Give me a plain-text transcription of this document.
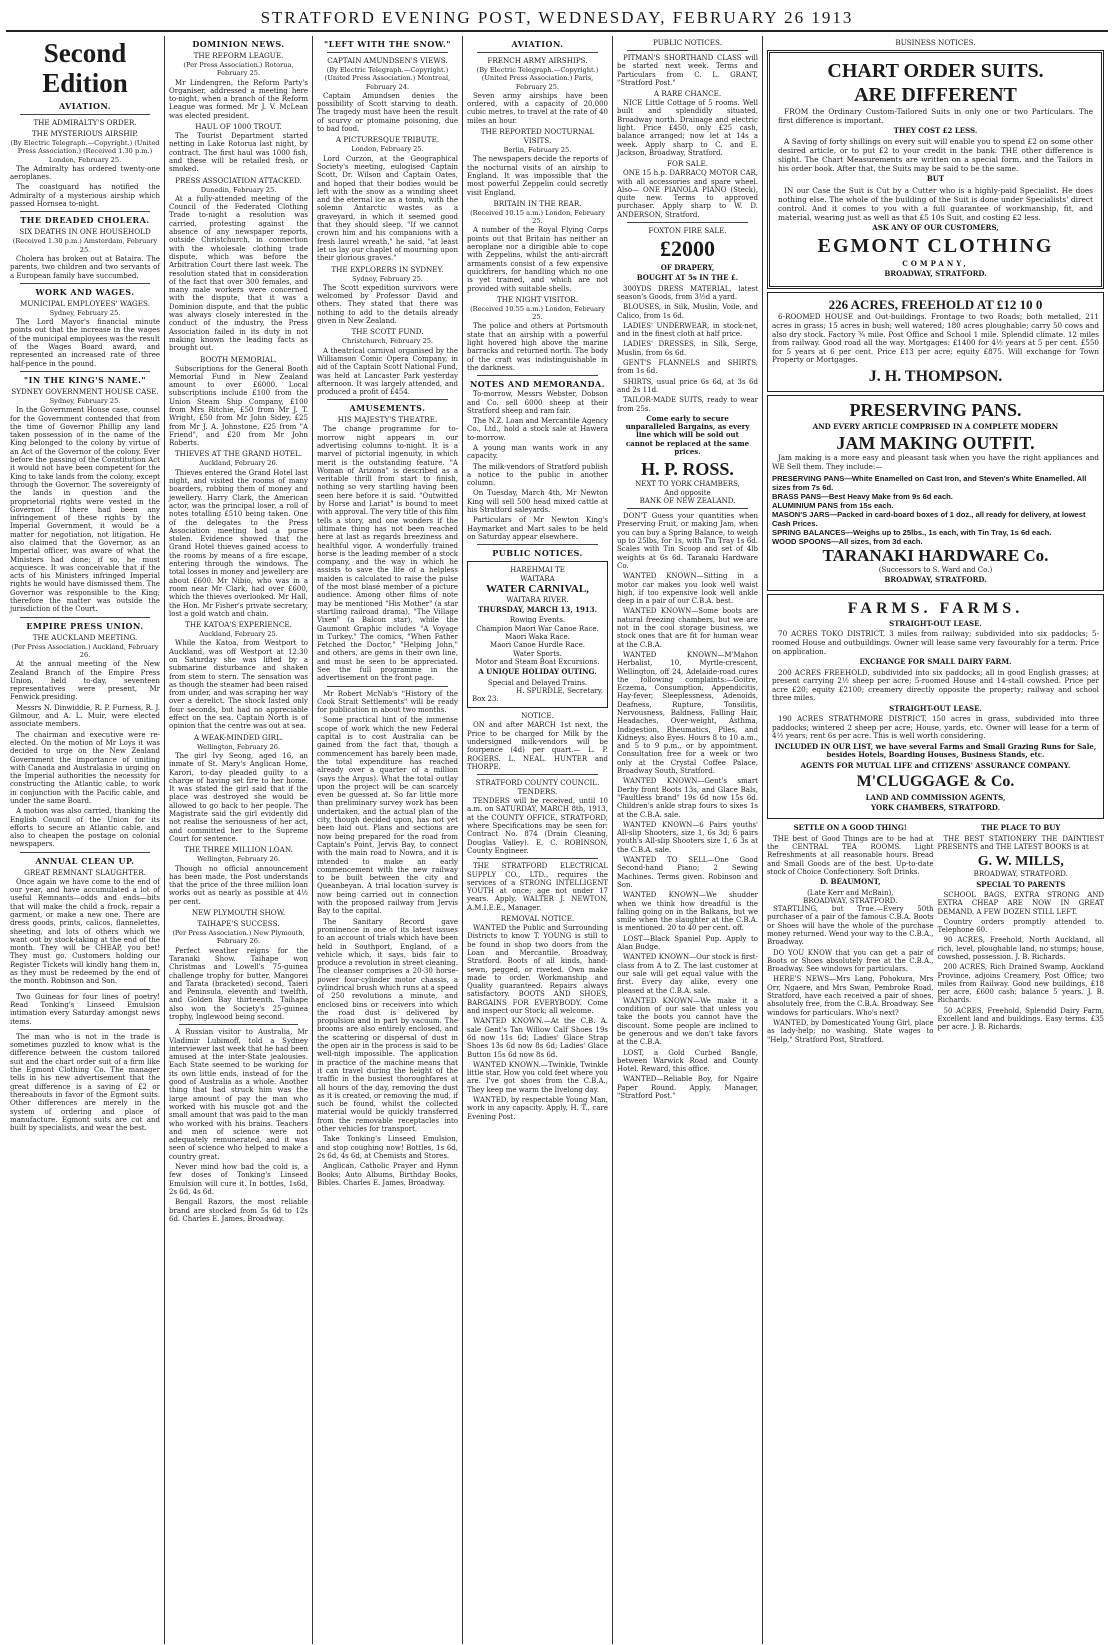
STRATFORD EVENING POST, WEDNESDAY, FEBRUARY 26 1913
Second Edition
AVIATION.
THE ADMIRALTY'S ORDER.
THE MYSTERIOUS AIRSHIP.
(By Electric Telegraph.—Copyright.) (United Press Association.) (Received 1.30 p.m.) London, February 25.

The Admiralty has ordered twenty-one aeroplanes.

The coastguard has notified the Admiralty of a mysterious airship which passed Hornsea to-night.

THE DREADED CHOLERA.
SIX DEATHS IN ONE HOUSEHOLD
(Received 1.30 p.m.) Amsterdam, February 25.

Cholera has broken out at Bataira. The parents, two children and two servants of a European family have succumbed.

WORK AND WAGES.
MUNICIPAL EMPLOYEES' WAGES.
Sydney, February 25.

The Lord Mayor's financial minute points out that the increase in the wages of the municipal employees was the result of the Wages Board award, and represented an increased rate of three half-pence in the pound.

"IN THE KING'S NAME."
SYDNEY GOVERNMENT HOUSE CASE.
Sydney, February 25.

In the Government House case, counsel for the Government contended that from the time of Governor Phillip any land taken possession of in the name of the King belonged to the colony by virtue of an Act of the Governor of the colony. Ever before the passing of the Constitution Act it would not have been competent for the King to take lands from the colony, except through the Governor. The sovereignty of the lands in question and the proprietorial rights were vested in the Governor. If there had been any infringement of these rights by the Imperial Government, it would be a matter for negotiation, not litigation. He also claimed that the Governor, as an Imperial officer, was aware of what the Ministers had done; if so, he must acquiesce. It was conceivable that if the acts of his Ministers infringed Imperial rights he would have dismissed them. The Governor was responsible to the King; therefore the matter was outside the jurisdiction of the Court.

EMPIRE PRESS UNION.
THE AUCKLAND MEETING.
(Per Press Association.) Auckland, February 26.

At the annual meeting of the New Zealand Branch of the Empire Press Union, held to-day, seventeen representatives were present, Mr Fenwick presiding.

Messrs N. Dinwiddie, R. P. Furness, R. J. Gilmour, and A. L. Muir, were elected associate members.

The chairman and executive were re-elected. On the motion of Mr Loys it was decided to urge on the New Zealand Government the importance of uniting with Canada and Australasia in urging on the Imperial authorities the necessity for constructing the Atlantic cable, to work in conjunction with the Pacific cable, and under the same Board.

A motion was also carried, thanking the English Council of the Union for its efforts to secure an Atlantic cable, and also to cheapen the postage on colonial newspapers.

ANNUAL CLEAN UP.
GREAT REMNANT SLAUGHTER.

Once again we have come to the end of our year, and have accumulated a lot of useful Remnants—odds and ends—bits that will make the child a frock, repair a garment, or make a new one. There are dress goods, prints, calicos, flannelettes, sheeting, and lots of others which we want out by stock-taking at the end of the month. They will be CHEAP, you bet! They must go. Customers holding our Register Tickets will kindly hang them in, as they must be redeemed by the end of the month. Robinson and Son.

Two Guineas for four lines of poetry! Read Tonking's Linseed Emulsion intimation every Saturday amongst news items.

The man who is not in the trade is sometimes puzzled to know what is the difference between the custom tailored suit and the chart order suit of a firm like the Egmont Clothing Co. The manager tells in his new advertisement that the great difference is a saving of £2 or thereabouts in favor of the Egmont suits. Other differences are merely in the system of ordering and place of manufacture. Egmont suits are cut and built by specialists, and wear the best.

DOMINION NEWS.
THE REFORM LEAGUE.
(Per Press Association.) Rotorua, February 25.

Mr Lindengren, the Reform Party's Organiser, addressed a meeting here to-night, when a branch of the Reform League was formed. Mr J. V. McLean was elected president.

HAUL OF 1000 TROUT.

The Tourist Department started netting in Lake Rotorua last night, by contract. The first haul was 1000 fish, and these will be retailed fresh, or smoked.

PRESS ASSOCIATION ATTACKED.
Dunedin, February 25.

At a fully-attended meeting of the Council of the Federated Clothing Trade to-night a resolution was carried, protesting against the absence of any newspaper reports, outside Christchurch, in connection with the wholesale clothing trade dispute, which was before the Arbitration Court there last week. The resolution stated that in consideration of the fact that over 300 females, and many male workers were concerned with the dispute, that it was a Dominion dispute, and that the public was always closely interested in the conduct of the industry, the Press Association failed in its duty in not making known the leading facts as brought out.

BOOTH MEMORIAL.

Subscriptions for the General Booth Memorial Fund in New Zealand amount to over £6000. Local subscriptions include £100 from the Union Steam Ship Company, £100 from Mrs Ritchie, £50 from Mr J. T. Wright, £50 from Mr John Sidey, £25 from Mr J. A. Johnstone, £25 from "A Friend", and £20 from Mr John Roberts.

THIEVES AT THE GRAND HOTEL.
Auckland, February 26.

Thieves entered the Grand Hotel last night, and visited the rooms of many boarders, robbing them of money and jewellery. Harry Clark, the American actor, was the principal loser, a roll of notes totalling £510 being taken. One of the delegates to the Press Association meeting had a purse stolen. Evidence showed that the Grand Hotel thieves gained access to the rooms by means of a fire escape, entering through the windows. The total losses in money and jewellery are about £600. Mr Nibio, who was in a room near Mr Clark, had over £600, which the thieves overlooked. Mr Hall, the Hon. Mr Fisher's private secretary, lost a gold watch and chain.

THE KATOA'S EXPERIENCE.
Auckland, February 25.

While the Katoa, from Westport to Auckland, was off Westport at 12.30 on Saturday she was lifted by a submarine disturbance and shaken from stem to stern. The sensation was as though the steamer had been raised from under, and was scraping her way over a derelict. The shock lasted only four seconds, but had no appreciable effect on the sea. Captain North is of opinion that the centre was out at sea.

A WEAK-MINDED GIRL.
Wellington, February 26.

The girl Ivy Seong, aged 16, an inmate of St. Mary's Anglican Home, Karori, to-day pleaded guilty to a charge of having set fire to her home. It was stated the girl said that if the place was destroyed she would be allowed to go back to her people. The Magistrate said the girl evidently did not realise the seriousness of her act, and committed her to the Supreme Court for sentence.

THE THREE MILLION LOAN.
Wellington, February 26.

Though no official announcement has been made, the Post understands that the price of the three million loan works out as nearly as possible at 4½ per cent.

NEW PLYMOUTH SHOW.
TAIHAPE'S SUCCESS.
(Per Press Association.) New Plymouth, February 26.

Perfect weather reigns for the Taranaki Show. Taihape won Christmas and Lowell's 75-guinea challenge trophy for butter, Mangorei and Tarata (bracketed) second, Taieri and Peninsula, eleventh and twelfth, and Golden Bay thirteenth. Taihape also won the Society's 25-guinea trophy, Inglewood being second.

A Russian visitor to Australia, Mr Vladimir Lubimoff, told a Sydney interviewer last week that he had been amused at the inter-State jealousies. Each State seemed to be working for its own little ends, instead of for the good of Australia as a whole. Another thing that had struck him was the large amount of pay the man who worked with his muscle got and the small amount that was paid to the man who worked with his brains. Teachers and men of science were not adequately remunerated, and it was seen of science who helped to make a country great.

Never mind how bad the cold is, a few doses of Tonking's Linseed Emulsion will cure it. In bottles, 1s6d, 2s 6d, 4s 6d.

Bengall Razors, the most reliable brand are stocked from 5s 6d to 12s 6d. Charles E. James, Broadway.

"LEFT WITH THE SNOW."
CAPTAIN AMUNDSEN'S VIEWS.
(By Electric Telegraph.—Copyright.) (United Press Association.) Montreal, February 24.

Captain Amundsen denies the possibility of Scott starving to death. The tragedy must have been the result of scurvy or ptomaine poisoning, due to bad food.

A PICTURESQUE TRIBUTE.
London, February 25.

Lord Curzon, at the Geographical Society's meeting, eulogised Captain Scott, Dr. Wilson and Captain Oates, and hoped that their bodies would be left with the snow as a winding sheet and the eternal ice as a tomb, with the solemn Antarctic wastes as a graveyard, in which it seemed good that they should sleep. "If we cannot crown him and his companions with a fresh laurel wreath," he said, "at least let us lay our chaplet of mourning upon their glorious graves."

THE EXPLORERS IN SYDNEY.
Sydney, February 25.

The Scott expedition survivors were welcomed by Professor David and others. They stated that there was nothing to add to the details already given in New Zealand.

THE SCOTT FUND.
Christchurch, February 25.

A theatrical carnival organised by the Williamson Comic Opera Company, in aid of the Captain Scott National Fund, was held at Lancaster Park yesterday afternoon. It was largely attended, and produced a profit of £454.

AMUSEMENTS.
HIS MAJESTY'S THEATRE.

The change programme for to-morrow night appears in our advertising columns to-night. It is a marvel of pictorial ingenuity, in which merit is the outstanding feature. "A Woman of Arizona" is described as a veritable thrill from start to finish, nothing so very startling having been seen here before it is said. "Outwitted by Horse and Lariat" is bound to meet with approval. The very title of this film tells a story, and one wonders if the ultimate thing has not been reached here at last as regards breeziness and healthful vigor. A wonderfully trained horse is the leading member of a stock company, and the way in which he assists to save the life of a helpless maiden is calculated to raise the pulse of the most blasé member of a picture audience. Among other films of note may be mentioned "His Mother" (a star startling railroad drama), "The Village Vixen" (a Balcon star), while the Gaumont Graphic includes "A Voyage in Turkey." The comics, "When Father Fetched the Doctor," "Helping John," and others, are gems in their own line, and must be seen to be appreciated. See the full programme in the advertisement on the front page.

Mr Robert McNab's "History of the Cook Strait Settlements" will be ready for publication in about two months.

Some practical hint of the immense scope of work which the new Federal capital is to cost Australia can be gained from the fact that, though a commencement has barely been made, the total expenditure has reached already over a quarter of a million (says the Argus). What the total outlay upon the project will be can scarcely even be guessed at. So far little more than preliminary survey work has been undertaken, and the actual plan of the city, though decided upon, has not yet been laid out. Plans and sections are now being prepared for the road from Captain's Point, Jervis Bay, to connect with the main road to Nowra, and it is intended to make an early commencement with the new railway to be built between the city and Queanbeyan. A trial location survey is now being carried out in connection with the proposed railway from Jervis Bay to the capital.

The Sanitary Record gave prominence in one of its latest issues to an account of trials which have been held in Southport, England, of a vehicle which, it says, bids fair to produce a revolution in street cleaning. The cleanser comprises a 20-30 horse-power four-cylinder motor chassis, a cylindrical brush which runs at a speed of 250 revolutions a minute, and enclosed bins or receivers into which the road dust is delivered by propulsion and in part by vacuum. The brooms are also entirely enclosed, and the scattering or dispersal of dust in the open air in the process is said to be well-nigh impossible. The application in practice of the machine means that it can travel during the height of the traffic in the busiest thoroughfares at all hours of the day, removing the dust as it is created, or removing the mud, if such be found, whilst the collected material would be quickly transferred from the removable receptacles into other vehicles for transport.

Take Tonking's Linseed Emulsion, and stop coughing now! Bottles, 1s 6d, 2s 6d, 4s 6d, at Chemists and Stores.

Anglican, Catholic Prayer and Hymn Books; Auto Albums, Birthday Books, Bibles. Charles E. James, Broadway.

AVIATION.
FRENCH ARMY AIRSHIPS.
(By Electric Telegraph.—Copyright.) (United Press Association.) Paris, February 25.

Seven army airships have been ordered, with a capacity of 20,000 cubic metres, to travel at the rate of 40 miles an hour.

THE REPORTED NOCTURNAL VISITS.
Berlin, February 25.

The newspapers decide the reports of the nocturnal visits of an airship to England. It was impossible that the most powerful Zeppelin could secretly visit England.

BRITAIN IN THE REAR.
(Received 10.15 a.m.) London, February 25.

A number of the Royal Flying Corps points out that Britain has neither an aeroplane nor a dirigible able to cope with Zeppelins, whilst the anti-aircraft armaments consist of a few expensive quickfirers, for handling which no one is yet trained, and which are not provided with suitable shells.

THE NIGHT VISITOR.
(Received 10.55 a.m.) London, February 25.

The police and others at Portsmouth state that an airship with a powerful light hovered high above the marine barracks and returned north. The body of the craft was indistinguishable in the darkness.

NOTES AND MEMORANDA.

To-morrow, Messrs Webster, Dobson and Co. sell 6000 sheep at their Stratford sheep and ram fair.

The N.Z. Loan and Mercantile Agency Co., Ltd., hold a stock sale at Hawera to-morrow.

A young man wants work in any capacity.

The milk-vendors of Stratford publish a notice to the public in another column.

On Tuesday, March 4th, Mr Newton King will sell 500 head mixed cattle at his Stratford saleyards.

Particulars of Mr Newton King's Haymarket and Mart sales to be held on Saturday appear elsewhere.

PUBLIC NOTICES.
HAREHMAI TE
WAITARA
WATER CARNIVAL,
WAITARA RIVER.
THURSDAY, MARCH 13, 1913.
Rowing Events.
Champion Maori War Canoe Race.
Maori Waka Race.
Maori Canoe Hurdle Race.
Water Sports.
Motor and Steam Boat Excursions.
A UNIQUE HOLIDAY OUTING.
Special and Delayed Trains.
H. SPURDLE, Secretary.
Box 23.
NOTICE.

ON and after MARCH 1st next, the Price to be charged for Milk by the undersigned milk-vendors will be fourpence (4d) per quart.— L. P. ROGERS. L. NEAL. HUNTER and THORPE.

STRATFORD COUNTY COUNCIL. TENDERS.

TENDERS will be received, until 10 a.m. on SATURDAY, MARCH 8th, 1913, at the COUNTY OFFICE, STRATFORD, where Specifications may be seen for: Contract No. 874 (Drain Cleaning, Douglas Valley). E. C. ROBINSON, County Engineer.

THE STRATFORD ELECTRICAL SUPPLY CO., LTD., requires the services of a STRONG INTELLIGENT YOUTH at once; age not under 17 years. Apply, WALTER J. NEWTON, A.M.I.E.E., Manager.

REMOVAL NOTICE.

WANTED the Public and Surrounding Districts to know T. YOUNG is still to be found in shop two doors from the Loan and Mercantile, Broadway, Stratford. Boots of all kinds, hand-sewn, pegged, or riveted. Own make made to order. Workmanship and Quality guaranteed. Repairs always satisfactory. BOOTS AND SHOES, BARGAINS FOR EVERYBODY. Come and inspect our Stock; all welcome.

WANTED KNOWN.—At the C.B. A. sale Gent's Tan Willow Calf Shoes 19s 6d now 11s 6d; Ladies' Glace Strap Shoes 13s 6d now 8s 6d; Ladies' Glace Button 15s 6d now 8s 6d.

WANTED KNOWN.—Twinkle, Twinkle little star, How you cold feet where you are. I've got shoes from the C.B.A., They keep me warm the livelong day.

WANTED, by respectable Young Man, work in any capacity. Apply, H. T., care Evening Post.

PUBLIC NOTICES.

PITMAN'S SHORTHAND CLASS will be started next week. Terms and Particulars from C. L. GRANT, "Stratford Post."

A RARE CHANCE.

NICE Little Cottage of 5 rooms. Well built and splendidly situated, Broadway north. Drainage and electric light. Price £450, only £25 cash, balance arranged; now let at 14s a week. Apply sharp to C. and E. Jackson, Broadway, Stratford.

FOR SALE.

ONE 15 h.p. DARRACQ MOTOR CAR, with all accessories and spare wheel. Also— ONE PIANOLA PIANO (Steck), quite new. Terms to approved purchaser. Apply sharp to W. D. ANDERSON, Stratford.

FOXTON FIRE SALE.
£2000
OF DRAPERY,
BOUGHT AT 5s IN THE £.

300YDS DRESS MATERIAL, latest season's Goods, from 3½d a yard.

BLOUSES, in Silk, Muslin, Voile, and Calico, from 1s 6d.

LADIES' UNDERWEAR, in stock-net, and in the finest cloth at half price.

LADIES' DRESSES, in Silk, Serge, Muslin, from 6s 6d.

GENT'S FLANNELS and SHIRTS, from 1s 6d.

SHIRTS, usual price 6s 6d, at 3s 6d and 2s 11d.

TAILOR-MADE SUITS, ready to wear from 25s.

Come early to secure unparalleled Bargains, as every line which will be sold out cannot be replaced at the same prices.
H. P. ROSS.
NEXT TO YORK CHAMBERS,
And opposite
BANK OF NEW ZEALAND.

DON'T Guess your quantities when Preserving Fruit, or making Jam, when you can buy a Spring Balance, to weigh up to 25lbs, for 1s, with Tin Tray 1s 6d. Scales with Tin Scoop and set of 4lb weights at 6s 6d. Taranaki Hardware Co.

WANTED KNOWN—Sitting in a motor car makes you look well waist high, if too expensive look well ankle deep in a pair of our C.B.A. best.

WANTED KNOWN—Some boots are natural freezing chambers, but we are not in the cool storage business, we stock ones that are fit for human wear at the C.B.A.

WANTED KNOWN—M'Mahon Herbalist, 10, Myrtle-crescent, Wellington, off 24, Adelaide-road cures the following complaints:—Goitre, Eczema, Consumption, Appendicitis, Hay-fever, Sleeplessness, Adenoids, Deafness, Rupture, Tonsilitis, Nervousness, Baldness, Falling Hair, Headaches, Over-weight, Asthma, Indigestion, Rheumatics, Piles, and Kidneys; also Eyes. Hours 8 to 10 a.m., and 5 to 9 p.m., or by appointment. Consultation free for a week or two only at the Crystal Coffee Palace, Broadway South, Stratford.

WANTED KNOWN—Gent's smart Derby front Boots 13s, and Glace Bals, "Faultless brand" 19s 6d now 15s 6d. Children's ankle strap fours to sixes 1s at the C.B.A. sale.

WANTED KNOWN—6 Pairs youths' All-slip Shooters, size 1, 6s 3d; 6 pairs youth's All-slip Shooters size 1, 6 3s at the C.B.A. sale.

WANTED TO SELL—One Good Second-hand Piano; 2 Sewing Machines. Terms given. Robinson and Son.

WANTED KNOWN—We shudder when we think how dreadful is the falling going on in the Balkans, but we smile when the slaughter at the C.B.A. is mentioned. 20 to 40 per cent. off.

LOST—Black Spaniel Pup. Apply to Alan Budge.

WANTED KNOWN—Our stock is first-class from A to Z. The last customer at our sale will get equal value with the first. Every day alike, every one pleased at the C.B.A. sale.

WANTED KNOWN—We make it a condition of our sale that unless you take the boots you cannot have the discount. Some people are inclined to be generous and we don't take favors at the C.B.A.

LOST, a Gold Curbed Bangle, between Warwick Road and County Hotel. Reward, this office.

WANTED—Reliable Boy, for Ngaire Paper Round. Apply, Manager, "Stratford Post."

BUSINESS NOTICES.
CHART ORDER SUITS.
ARE DIFFERENT

FROM the Ordinary Custom-Tailored Suits in only one or two Particulars. The first difference is important.

THEY COST £2 LESS.

A Saving of forty shillings on every suit will enable you to spend £2 on some other desired article, or to put £2 to your credit in the bank. THE other difference is slight. The Chart Measurements are written on a special form, and the Tailors in his order book. After that, the Suits may be said to be the same.

BUT

IN our Case the Suit is Cut by a Cutter who is a highly-paid Specialist. He does nothing else. The whole of the building of the Suit is done under Specialists' direct control. And it comes to you with a full guarantee of workmanship, fit, and material, wearing just as well as that £5 10s Suit, and costing £2 less.

ASK ANY OF OUR CUSTOMERS,
EGMONT CLOTHING
COMPANY,
BROADWAY, STRATFORD.
226 ACRES, FREEHOLD AT £12 10 0

6-ROOMED HOUSE and Out-buildings. Frontage to two Roads; both metalled, 211 acres in grass; 15 acres in bush; well watered; 180 acres ploughable; carry 50 cows and also dry stock. Factory ¾ mile. Post Office and School 1 mile. Splendid climate. 12 miles from railway. Good road all the way. Mortgages: £1400 for 4½ years at 5 per cent. £550 for 5 years at 6 per cent. Price £13 per acre; equity £875. Will exchange for Town Property or Mortgages.

J. H. THOMPSON.
PRESERVING PANS.
AND EVERY ARTICLE COMPRISED IN A COMPLETE MODERN
JAM MAKING OUTFIT.

Jam making is a more easy and pleasant task when you have the right appliances and WE Sell them. They include:—

PRESERVING PANS—White Enamelled on Cast Iron, and Steven's White Enamelled. All sizes from 7s 6d.
BRASS PANS—Best Heavy Make from 9s 6d each.
ALUMINIUM PANS from 15s each.
MASON'S JARS—Packed in card-board boxes of 1 doz., all ready for delivery, at lowest Cash Prices.
SPRING BALANCES—Weighs up to 25lbs., 1s each, with Tin Tray, 1s 6d each.
WOOD SPOONS—All sizes, from 3d each.
TARANAKI HARDWARE Co.
(Successors to S. Ward and Co.)
BROADWAY, STRATFORD.
FARMS. FARMS.
STRAIGHT-OUT LEASE.

70 ACRES TOKO DISTRICT, 3 miles from railway; subdivided into six paddocks; 5-roomed House and outbuildings. Owner will lease same very favourably for a term. Price on application.

EXCHANGE FOR SMALL DAIRY FARM.

200 ACRES FREEHOLD, subdivided into six paddocks; all in good English grasses; at present carrying 2½ sheep per acre; 5-roomed House and 14-stall cowshed. Price per acre £20; equity £2100; creamery directly opposite the property; railway and school three miles.

STRAIGHT-OUT LEASE.

190 ACRES STRATHMORE DISTRICT, 150 acres in grass, subdivided into three paddocks; wintered 2 sheep per acre; House, yards, etc. Owner will lease for a term of 4½ years; rent 6s per acre. This is well worth considering.

INCLUDED IN OUR LIST, we have several Farms and Small Grazing Runs for Sale, besides Hotels, Boarding Houses, Business Stands, etc.
AGENTS FOR MUTUAL LIFE and CITIZENS' ASSURANCE COMPANY.
M'CLUGGAGE & Co.
LAND AND COMMISSION AGENTS,
YORK CHAMBERS, STRATFORD.
SETTLE ON A GOOD THING!

THE best of Good Things are to be had at the CENTRAL TEA ROOMS. Light Refreshments at all reasonable hours. Bread and Small Goods are of the best. Up-to-date stock of Choice Confectionery. Soft Drinks.

D. BEAUMONT,
(Late Kerr and McBain),
BROADWAY, STRATFORD.

STARTLING, but True.—Every 50th purchaser of a pair of the famous C.B.A. Boots or Shoes will have the whole of the purchase money returned. Wend your way to the C.B.A., Broadway.

DO YOU KNOW that you can get a pair of Boots or Shoes absolutely free at the C.B.A., Broadway. See windows for particulars.

HERE'S NEWS—Mrs Lang, Pohokura, Mrs Orr, Ngaere, and Mrs Swan, Pembroke Road, Stratford, have each received a pair of shoes, absolutely free, from the C.B.A. Broadway. See windows for particulars. Who's next?

WANTED, by Domesticated Young Girl, place as lady-help; no washing. State wages to "Help," Stratford Post, Stratford.

THE PLACE TO BUY

THE BEST STATIONERY THE DAINTIEST PRESENTS and THE LATEST BOOKS is at

G. W. MILLS,
BROADWAY, STRATFORD.
SPECIAL TO PARENTS

SCHOOL BAGS, EXTRA STRONG AND EXTRA CHEAP ARE NOW IN GREAT DEMAND. A FEW DOZEN STILL LEFT.

Country orders promptly attended to. Telephone 60.

90 ACRES, Freehold, North Auckland, all rich, level, ploughable land, no stumps; house, cowshed, possession. J. B. Richards.

200 ACRES, Rich Drained Swamp, Auckland Province, adjoins Creamery, Post Office; two miles from Railway. Good new buildings, £18 per acre, £600 cash; balance 5 years. J. B. Richards.

50 ACRES, Freehold, Splendid Dairy Farm, Excellent land and buildings. Easy terms. £35 per acre. J. B. Richards.
